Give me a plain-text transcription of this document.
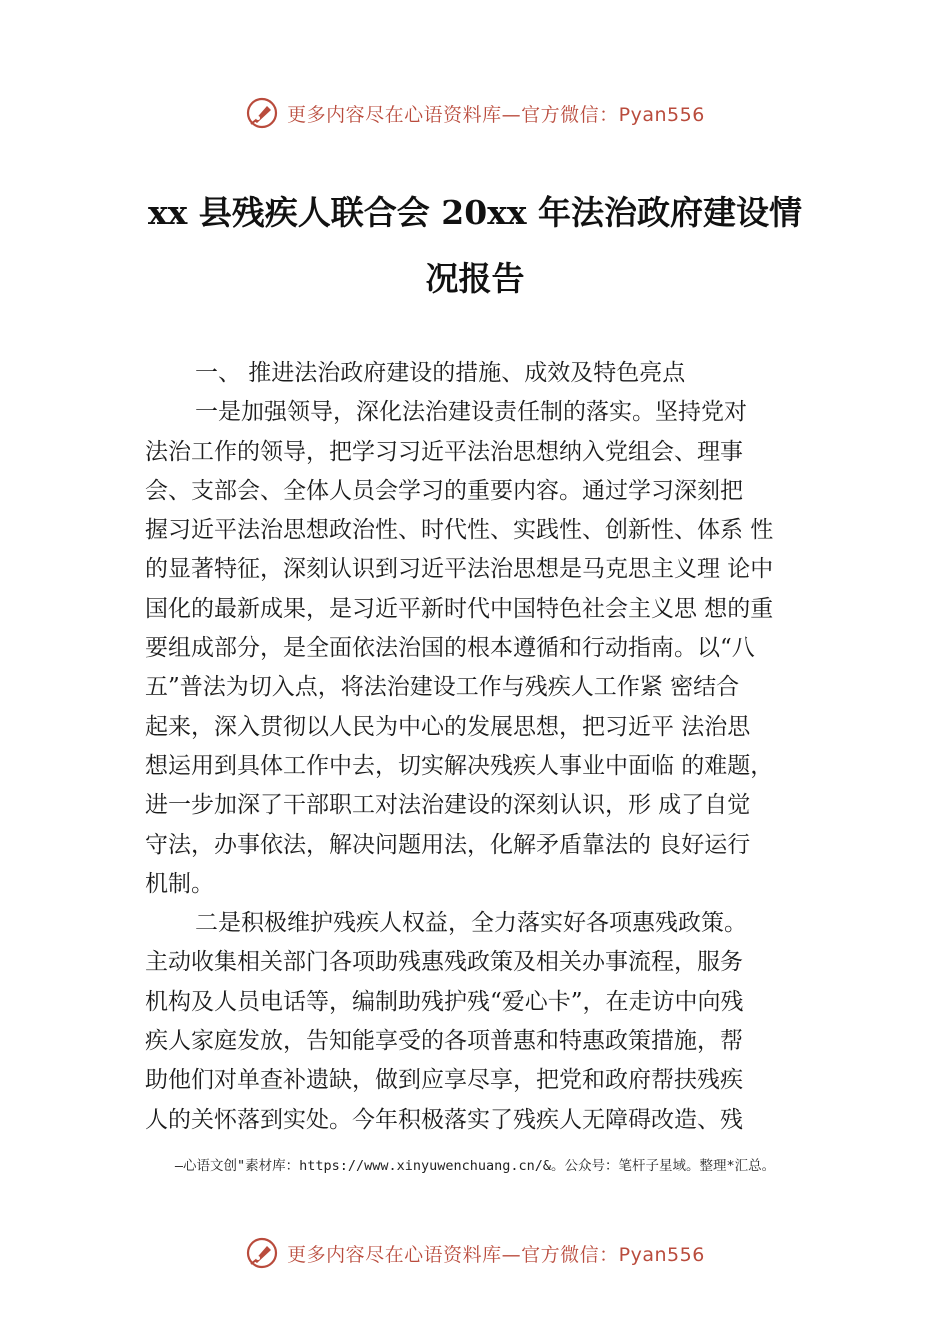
更多内容尽在心语资料库—官方微信：Pyan556
xx 县残疾人联合会 20xx 年法治政府建设情
况报告
一、 推进法治政府建设的措施、成效及特色亮点
一是加强领导，深化法治建设责任制的落实。坚持党对
法治工作的领导，把学习习近平法治思想纳入党组会、理事
会、支部会、全体人员会学习的重要内容。通过学习深刻把
握习近平法治思想政治性、时代性、实践性、创新性、体系 性
的显著特征，深刻认识到习近平法治思想是马克思主义理 论中
国化的最新成果，是习近平新时代中国特色社会主义思 想的重
要组成部分，是全面依法治国的根本遵循和行动指南。以“八
五”普法为切入点，将法治建设工作与残疾人工作紧 密结合
起来，深入贯彻以人民为中心的发展思想，把习近平 法治思
想运用到具体工作中去，切实解决残疾人事业中面临 的难题，
进一步加深了干部职工对法治建设的深刻认识，形 成了自觉
守法，办事依法，解决问题用法，化解矛盾靠法的 良好运行
机制。
二是积极维护残疾人权益，全力落实好各项惠残政策。
主动收集相关部门各项助残惠残政策及相关办事流程，服务
机构及人员电话等，编制助残护残“爱心卡”，在走访中向残
疾人家庭发放，告知能享受的各项普惠和特惠政策措施，帮
助他们对单查补遗缺，做到应享尽享，把党和政府帮扶残疾
人的关怀落到实处。今年积极落实了残疾人无障碍改造、残
—心语文创"素材库：https://www.xinyuwenchuang.cn/&。公众号：笔杆子星域。整理*汇总。
更多内容尽在心语资料库—官方微信：Pyan556
